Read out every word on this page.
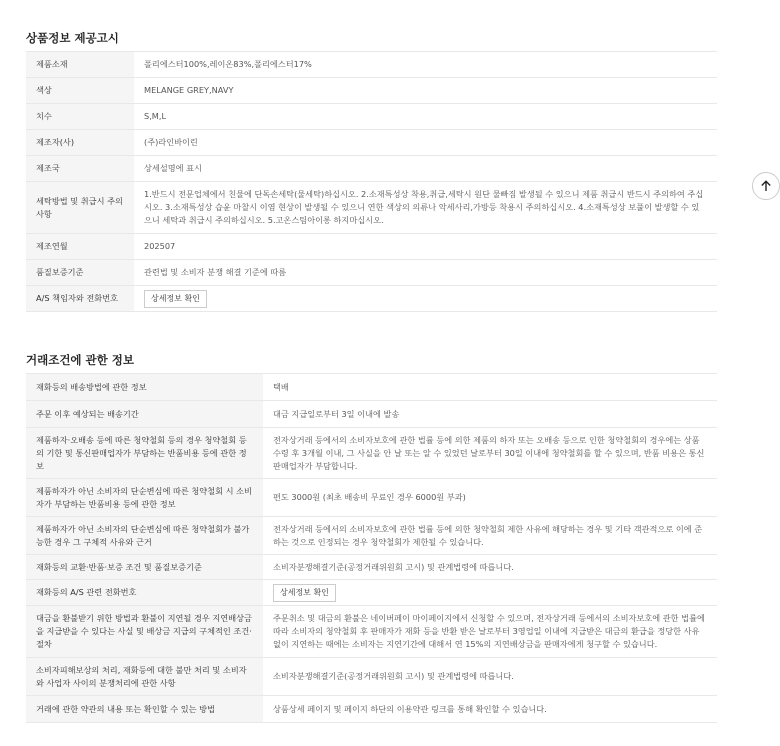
상품정보 제공고시
제품소재	폴리에스터100%,레이온83%,폴리에스터17%
색상	MELANGE GREY,NAVY
치수	S,M,L
제조자(사)	(주)라인바이린
제조국	상세설명에 표시
세탁방법 및 취급시 주의사항	1.반드시 전문업체에서 친물에 단독손세탁(물세탁)하십시오. 2.소재특성상 착용,취급,세탁시 원단 물빠짐 발생될 수 있으니 제품 취급시 반드시 주의하여 주십시오. 3.소재특성상 습윤 마찰시 이염 현상이 발생될 수 있으니 연한 색상의 의류나 악세사리,가방등 착용시 주의하십시오. 4.소재특성상 보풀이 발생할 수 있으니 세탁과 취급시 주의하십시오. 5.고온스팀아이롱 하지마십시오.
제조연월	202507
품질보증기준	관련법 및 소비자 분쟁 해결 기준에 따름
A/S 책임자와 전화번호	상세정보 확인
거래조건에 관한 정보
재화등의 배송방법에 관한 정보	택배
주문 이후 예상되는 배송기간	대금 지급일로부터 3일 이내에 발송
제품하자·오배송 등에 따른 청약철회 등의 경우 청약철회 등의 기한 및 통신판매업자가 부담하는 반품비용 등에 관한 정보	전자상거래 등에서의 소비자보호에 관한 법률 등에 의한 제품의 하자 또는 오배송 등으로 인한 청약철회의 경우에는 상품 수령 후 3개월 이내, 그 사실을 안 날 또는 알 수 있었던 날로부터 30일 이내에 청약철회를 할 수 있으며, 반품 비용은 통신판매업자가 부담합니다.
제품하자가 아닌 소비자의 단순변심에 따른 청약철회 시 소비자가 부담하는 반품비용 등에 관한 정보	편도 3000원 (최초 배송비 무료인 경우 6000원 부과)
제품하자가 아닌 소비자의 단순변심에 따른 청약철회가 불가능한 경우 그 구체적 사유와 근거	전자상거래 등에서의 소비자보호에 관한 법률 등에 의한 청약철회 제한 사유에 해당하는 경우 및 기타 객관적으로 이에 준하는 것으로 인정되는 경우 청약철회가 제한될 수 있습니다.
재화등의 교환·반품·보증 조건 및 품질보증기준	소비자분쟁해결기준(공정거래위원회 고시) 및 관계법령에 따릅니다.
재화등의 A/S 관련 전화번호	상세정보 확인
대금을 환불받기 위한 방법과 환불이 지연될 경우 지연배상금을 지급받을 수 있다는 사실 및 배상금 지급의 구체적인 조건·절차	주문취소 및 대금의 환불은 네이버페이 마이페이지에서 신청할 수 있으며, 전자상거래 등에서의 소비자보호에 관한 법률에 따라 소비자의 청약철회 후 판매자가 재화 등을 반환 받은 날로부터 3영업일 이내에 지급받은 대금의 환급을 정당한 사유 없이 지연하는 때에는 소비자는 지연기간에 대해서 연 15%의 지연배상금을 판매자에게 청구할 수 있습니다.
소비자피해보상의 처리, 재화등에 대한 불만 처리 및 소비자와 사업자 사이의 분쟁처리에 관한 사항	소비자분쟁해결기준(공정거래위원회 고시) 및 관계법령에 따릅니다.
거래에 관한 약관의 내용 또는 확인할 수 있는 방법	상품상세 페이지 및 페이지 하단의 이용약관 링크를 통해 확인할 수 있습니다.
